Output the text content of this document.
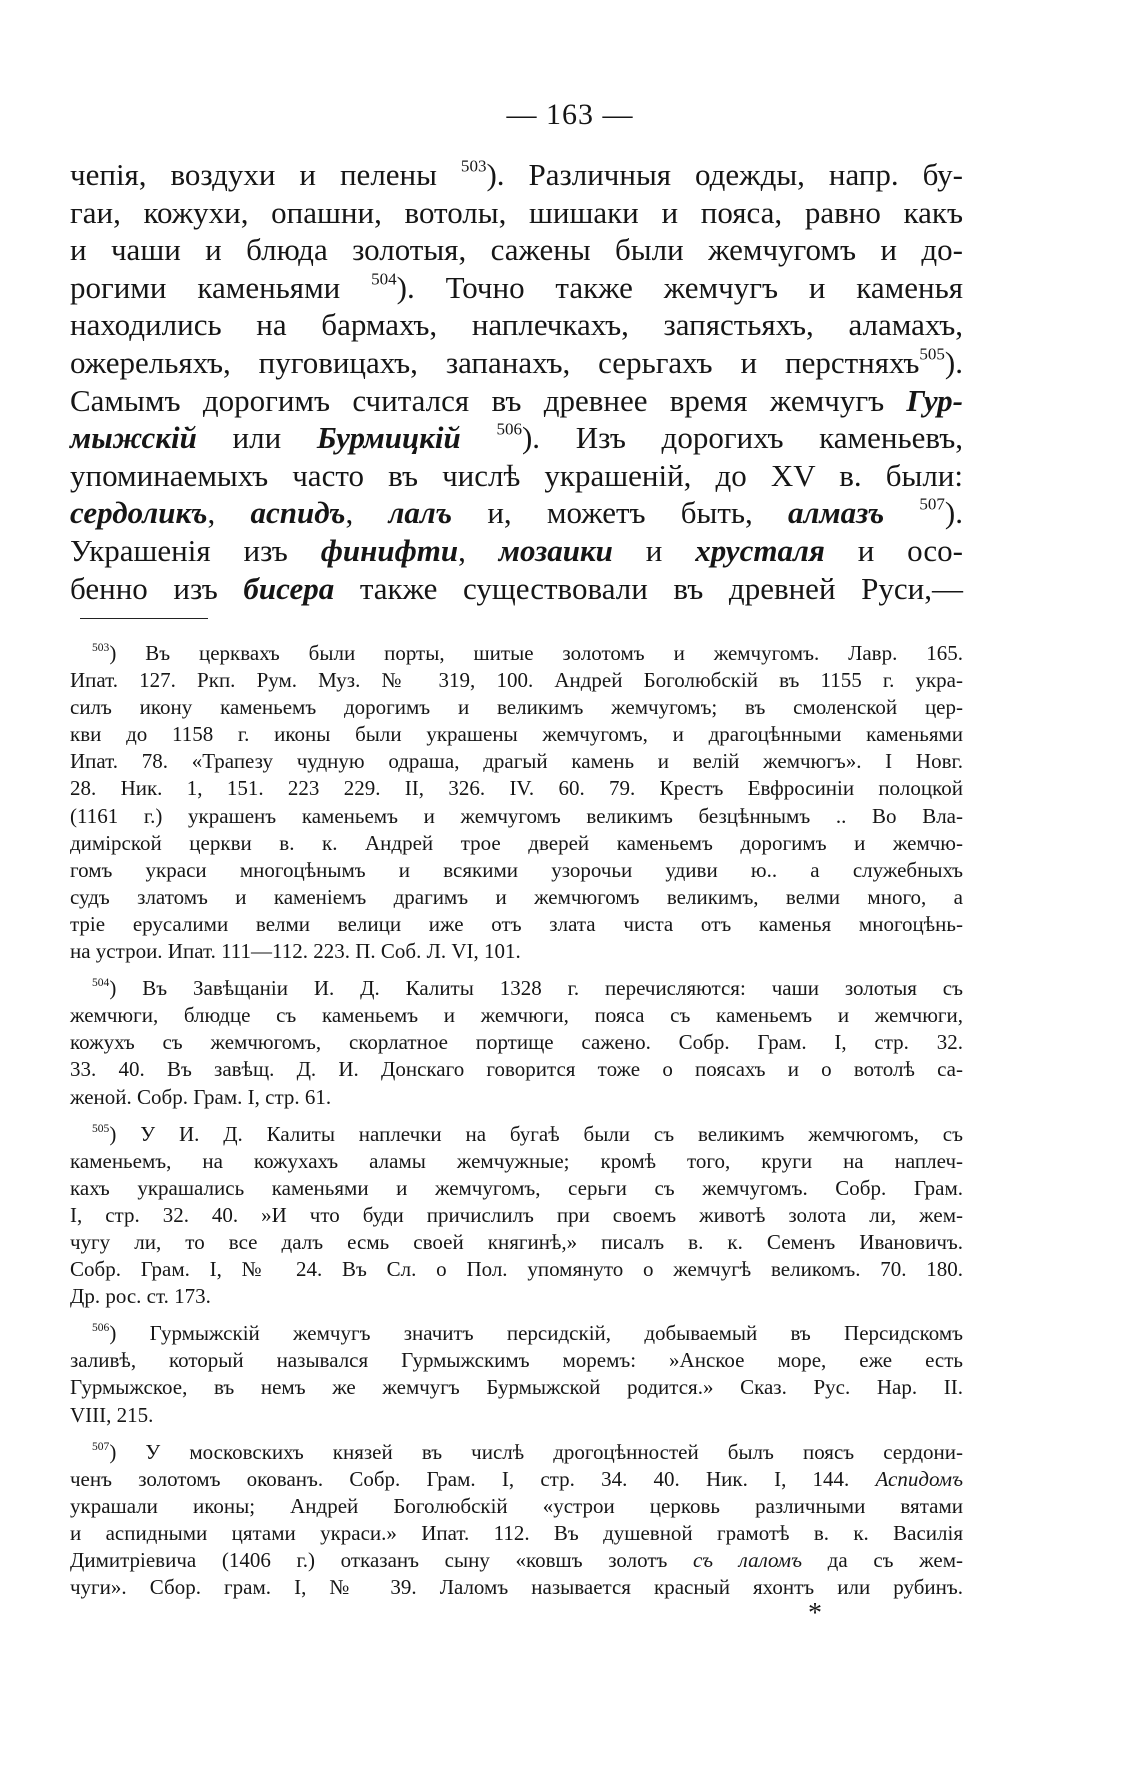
— 163 —
чепія, воздухи и пелены $^{503}$). Различныя одежды, напр. бу-
гаи, кожухи, опашни, вотолы, шишаки и пояса, равно какъ
и чаши и блюда золотыя, сажены были жемчугомъ и до-
рогими каменьями $^{504}$). Точно также жемчугъ и каменья
находились на бармахъ, наплечкахъ, запястьяхъ, аламахъ,
ожерельяхъ, пуговицахъ, запанахъ, серьгахъ и перстняхъ$^{505}$).
Самымъ дорогимъ считался въ древнее время жемчугъ Гур-
мыжскій или Бурмицкій $^{506}$). Изъ дорогихъ каменьевъ,
упоминаемыхъ часто въ числѣ украшеній, до XV в. были:
сердоликъ, аспидъ, лалъ и, можетъ быть, алмазъ $^{507}$).
Украшенія изъ финифти, мозаики и хрусталя и осо-
бенно изъ бисера также существовали въ древней Руси,—
$^{503}$) Въ церквахъ были порты, шитые золотомъ и жемчугомъ. Лавр. 165.
Ипат. 127. Ркп. Рум. Муз. № 319, 100. Андрей Боголюбскій въ 1155 г. укра-
силъ икону каменьемъ дорогимъ и великимъ жемчугомъ; въ смоленской цер-
кви до 1158 г. иконы были украшены жемчугомъ, и драгоцѣнными каменьями
Ипат. 78. «Трапезу чудную одраша, драгый камень и велій жемчюгъ». І Новг.
28. Ник. 1, 151. 223 229. II, 326. IV. 60. 79. Крестъ Евфросиніи полоцкой
(1161 г.) украшенъ каменьемъ и жемчугомъ великимъ безцѣннымъ .. Во Вла-
димірской церкви в. к. Андрей трое дверей каменьемъ дорогимъ и жемчю-
гомъ украси многоцѣнымъ и всякими узорочьи удиви ю.. а служебныхъ
судъ златомъ и каменіемъ драгимъ и жемчюгомъ великимъ, велми много, а
тріе ерусалими велми велици иже отъ злата чиста отъ каменья многоцѣнь-
на устрои. Ипат. 111—112. 223. П. Соб. Л. VI, 101.
$^{504}$) Въ Завѣщаніи И. Д. Калиты 1328 г. перечисляются: чаши золотыя съ
жемчюги, блюдце съ каменьемъ и жемчюги, пояса съ каменьемъ и жемчюги,
кожухъ съ жемчюгомъ, скорлатное портище сажено. Собр. Грам. I, стр. 32.
33. 40. Въ завѣщ. Д. И. Донскаго говорится тоже о поясахъ и о вотолѣ са-
женой. Собр. Грам. I, стр. 61.
$^{505}$) У И. Д. Калиты наплечки на бугаѣ были съ великимъ жемчюгомъ, съ
каменьемъ, на кожухахъ аламы жемчужные; кромѣ того, круги на наплеч-
кахъ украшались каменьями и жемчугомъ, серьги съ жемчугомъ. Собр. Грам.
I, стр. 32. 40. »И что буди причислилъ при своемъ животѣ золота ли, жем-
чугу ли, то все далъ есмь своей княгинѣ,» писалъ в. к. Семенъ Ивановичъ.
Собр. Грам. I, № 24. Въ Сл. о Пол. упомянуто о жемчугѣ великомъ. 70. 180.
Др. рос. ст. 173.
$^{506}$) Гурмыжскій жемчугъ значитъ персидскій, добываемый въ Персидскомъ
заливѣ, который назывался Гурмыжскимъ моремъ: »Анское море, еже есть
Гурмыжское, въ немъ же жемчугъ Бурмыжской родится.» Сказ. Рус. Нар. II.
VIII, 215.
$^{507}$) У московскихъ князей въ числѣ дрогоцѣнностей былъ поясъ сердони-
ченъ золотомъ окованъ. Собр. Грам. I, стр. 34. 40. Ник. I, 144. Аспидомъ
украшали иконы; Андрей Боголюбскій «устрои церковь различными вятами
и аспидными цятами украси.» Ипат. 112. Въ душевной грамотѣ в. к. Василія
Димитріевича (1406 г.) отказанъ сыну «ковшъ золотъ съ лаломъ да съ жем-
чуги». Сбор. грам. I, № 39. Лаломъ называется красный яхонтъ или рубинъ.
*
